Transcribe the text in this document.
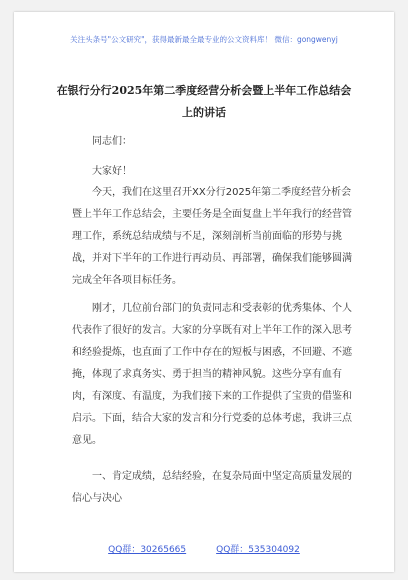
关注头条号"公文研究"，获得最新最全最专业的公文资料库！ 微信：gongwenyj
在银行分行2025年第二季度经营分析会暨上半年工作总结会上的讲话
同志们：
大家好！
今天，我们在这里召开XX分行2025年第二季度经营分析会暨上半年工作总结会，主要任务是全面复盘上半年我行的经营管理工作，系统总结成绩与不足，深刻剖析当前面临的形势与挑战，并对下半年的工作进行再动员、再部署，确保我们能够圆满完成全年各项目标任务。
刚才，几位前台部门的负责同志和受表彰的优秀集体、个人代表作了很好的发言。大家的分享既有对上半年工作的深入思考和经验提炼，也直面了工作中存在的短板与困惑，不回避、不遮掩，体现了求真务实、勇于担当的精神风貌。这些分享有血有肉，有深度、有温度，为我们接下来的工作提供了宝贵的借鉴和启示。下面，结合大家的发言和分行党委的总体考虑，我讲三点意见。
一、肯定成绩，总结经验，在复杂局面中坚定高质量发展的信心与决心
QQ群：30265665	QQ群：535304092
